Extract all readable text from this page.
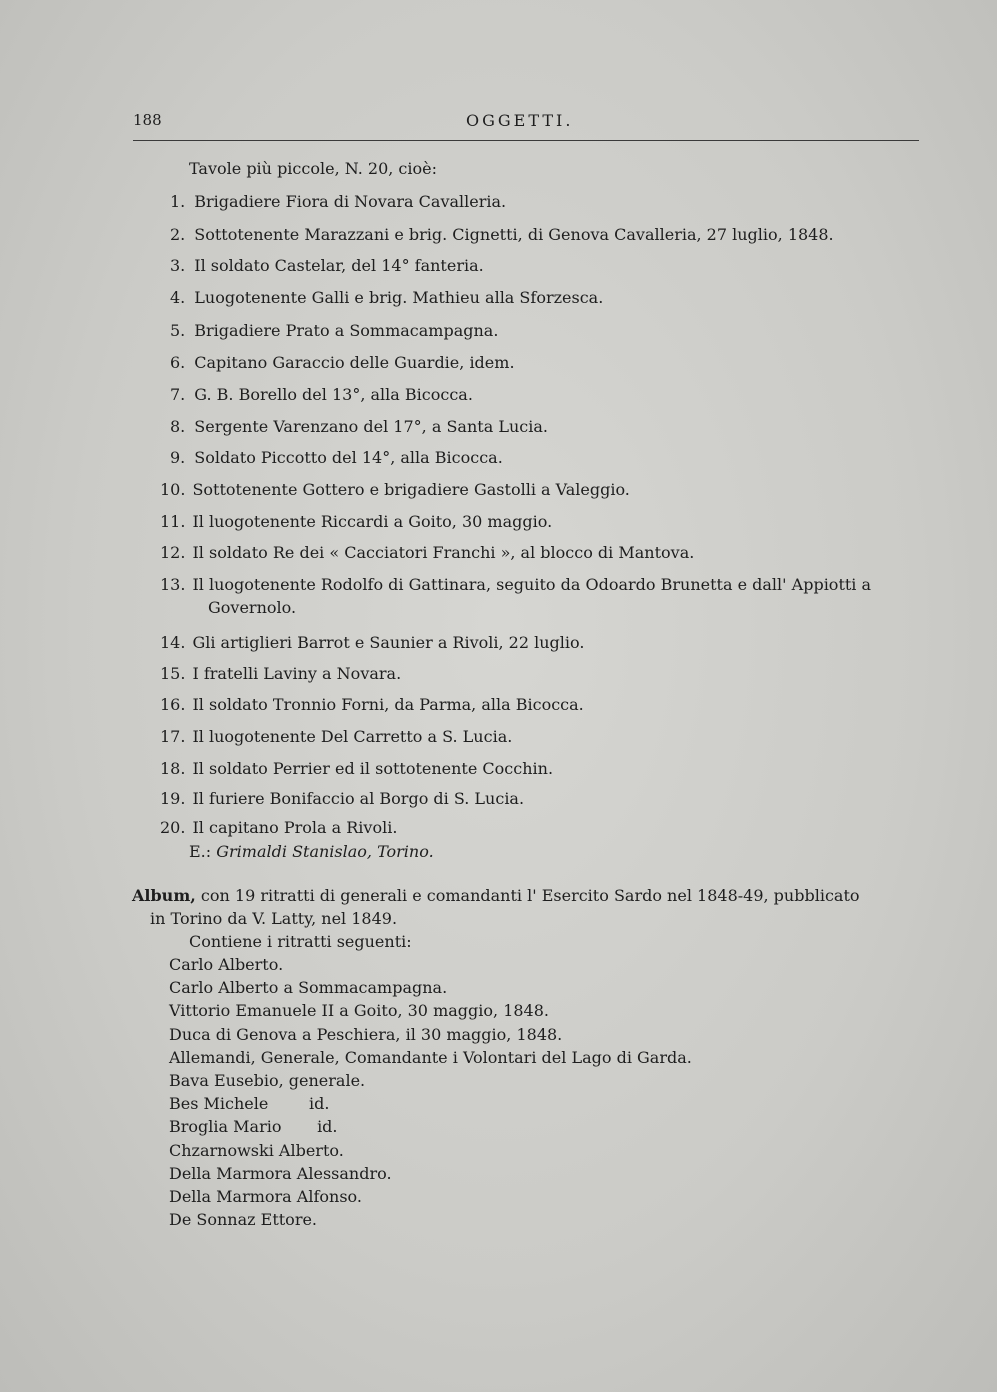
188	OGGETTI.
Tavole più piccole, N. 20, cioè:
1. Brigadiere Fiora di Novara Cavalleria.
2. Sottotenente Marazzani e brig. Cignetti, di Genova Cavalleria, 27 luglio, 1848.
3. Il soldato Castelar, del 14° fanteria.
4. Luogotenente Galli e brig. Mathieu alla Sforzesca.
5. Brigadiere Prato a Sommacampagna.
6. Capitano Garaccio delle Guardie, idem.
7. G. B. Borello del 13°, alla Bicocca.
8. Sergente Varenzano del 17°, a Santa Lucia.
9. Soldato Piccotto del 14°, alla Bicocca.
10. Sottotenente Gottero e brigadiere Gastolli a Valeggio.
11. Il luogotenente Riccardi a Goito, 30 maggio.
12. Il soldato Re dei « Cacciatori Franchi », al blocco di Mantova.
13. Il luogotenente Rodolfo di Gattinara, seguito da Odoardo Brunetta e dall' Appiotti a
Governolo.
14. Gli artiglieri Barrot e Saunier a Rivoli, 22 luglio.
15. I fratelli Laviny a Novara.
16. Il soldato Tronnio Forni, da Parma, alla Bicocca.
17. Il luogotenente Del Carretto a S. Lucia.
18. Il soldato Perrier ed il sottotenente Cocchin.
19. Il furiere Bonifaccio al Borgo di S. Lucia.
20. Il capitano Prola a Rivoli.
E.: Grimaldi Stanislao, Torino.
Album, con 19 ritratti di generali e comandanti l' Esercito Sardo nel 1848-49, pubblicato
in Torino da V. Latty, nel 1849.
Contiene i ritratti seguenti:
Carlo Alberto.
Carlo Alberto a Sommacampagna.
Vittorio Emanuele II a Goito, 30 maggio, 1848.
Duca di Genova a Peschiera, il 30 maggio, 1848.
Allemandi, Generale, Comandante i Volontari del Lago di Garda.
Bava Eusebio, generale.
Bes Michele        id.
Broglia Mario       id.
Chzarnowski Alberto.
Della Marmora Alessandro.
Della Marmora Alfonso.
De Sonnaz Ettore.
